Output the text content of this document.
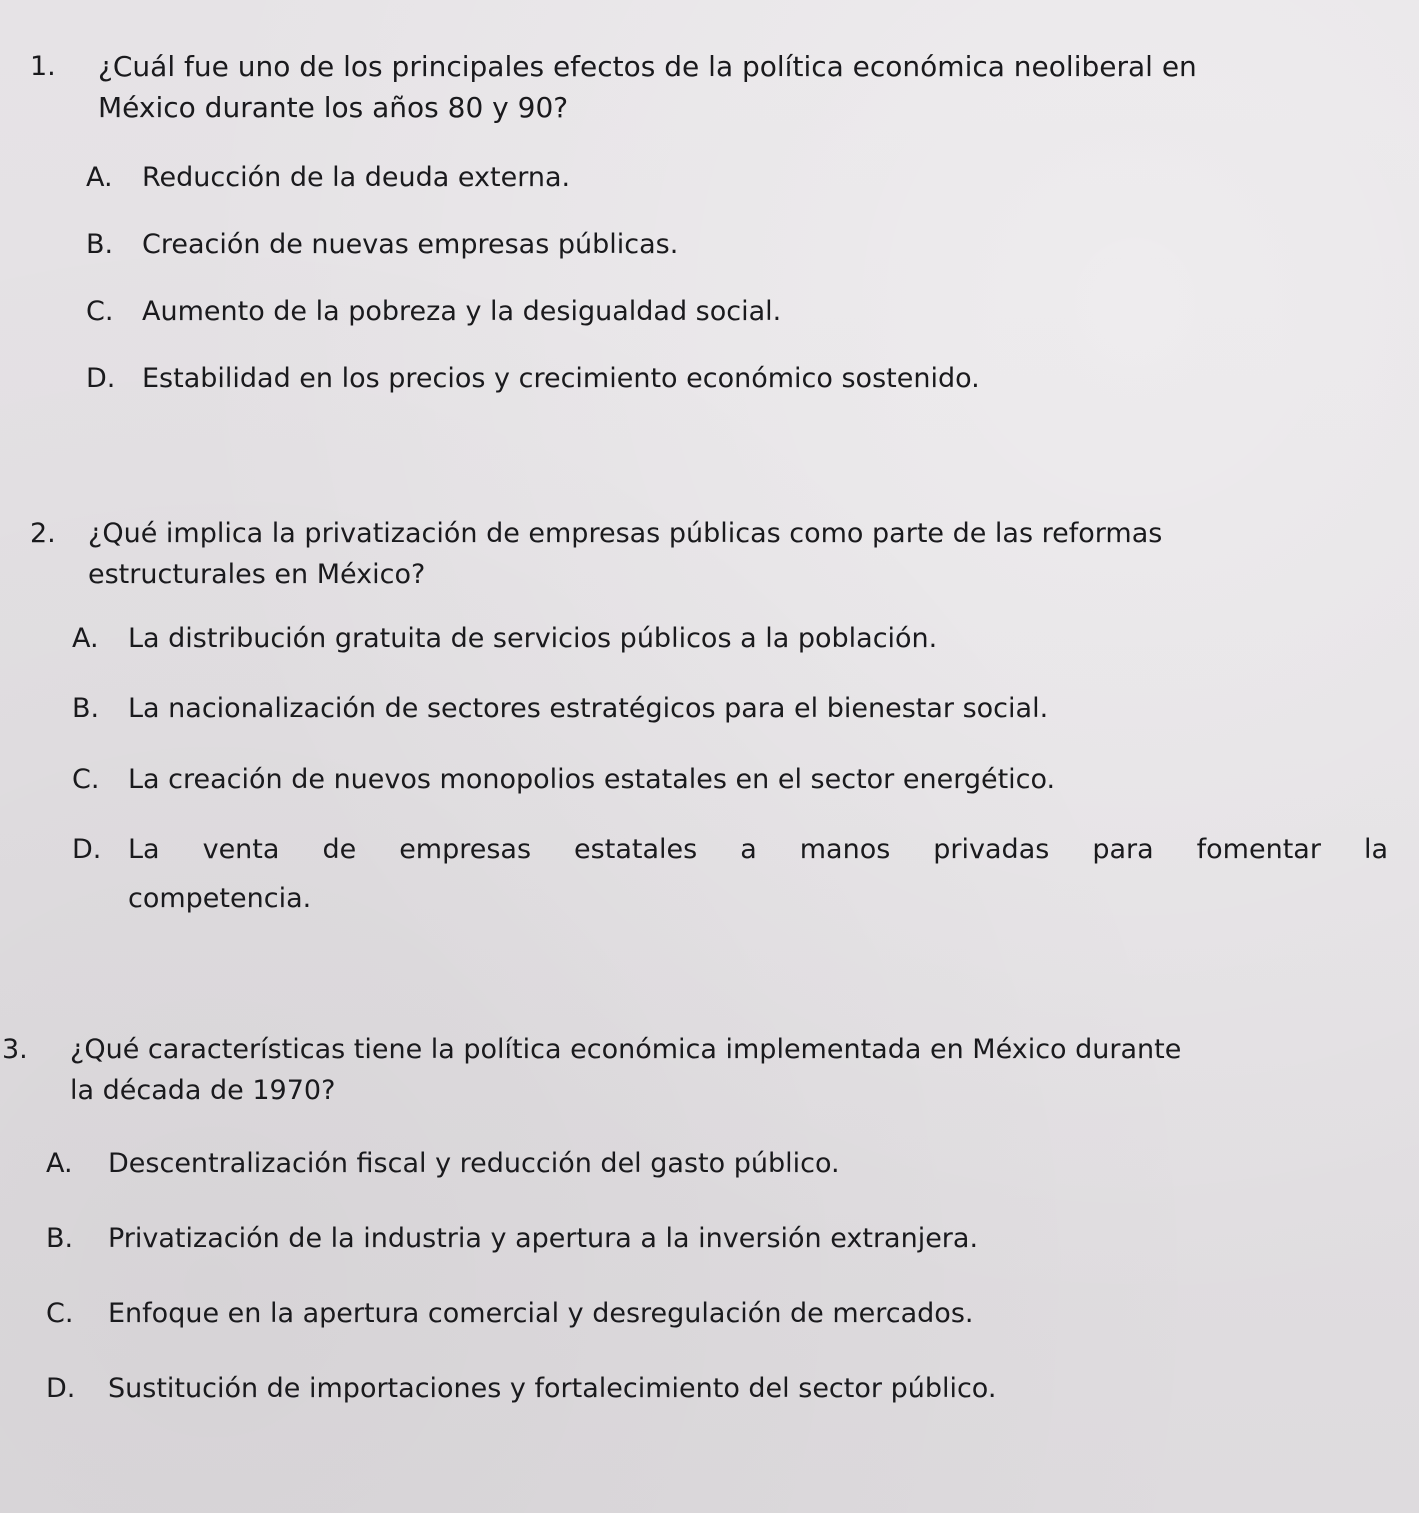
1.	¿Cuál fue uno de los principales efectos de la política económica neoliberal en
México durante los años 80 y 90?
A. Reducción de la deuda externa.
B. Creación de nuevas empresas públicas.
C. Aumento de la pobreza y la desigualdad social.
D. Estabilidad en los precios y crecimiento económico sostenido.
2.	¿Qué implica la privatización de empresas públicas como parte de las reformas
estructurales en México?
A. La distribución gratuita de servicios públicos a la población.
B. La nacionalización de sectores estratégicos para el bienestar social.
C. La creación de nuevos monopolios estatales en el sector energético.
D. La venta de empresas estatales a manos privadas para fomentar la
competencia.
3.	¿Qué características tiene la política económica implementada en México durante
la década de 1970?
A. Descentralización fiscal y reducción del gasto público.
B. Privatización de la industria y apertura a la inversión extranjera.
C. Enfoque en la apertura comercial y desregulación de mercados.
D. Sustitución de importaciones y fortalecimiento del sector público.
